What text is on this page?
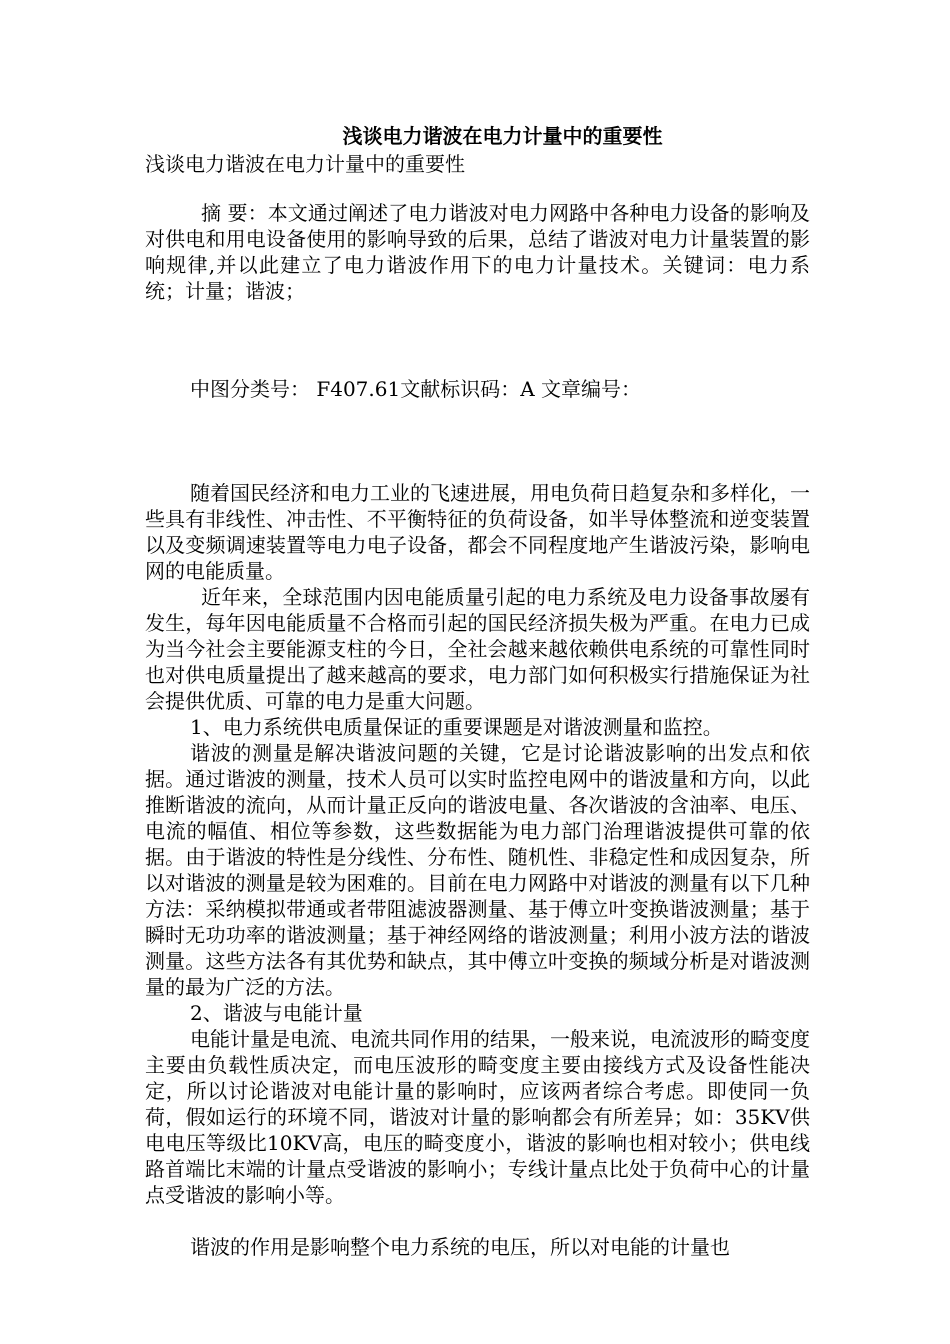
浅谈电力谐波在电力计量中的重要性

浅谈电力谐波在电力计量中的重要性

摘 要：本文通过阐述了电力谐波对电力网路中各种电力设备的影响及对供电和用电设备使用的影响导致的后果，总结了谐波对电力计量装置的影响规律,并以此建立了电力谐波作用下的电力计量技术。关键词：电力系统；计量；谐波；

中图分类号： F407.61文献标识码：A 文章编号：

随着国民经济和电力工业的飞速进展，用电负荷日趋复杂和多样化，一些具有非线性、冲击性、不平衡特征的负荷设备，如半导体整流和逆变装置以及变频调速装置等电力电子设备，都会不同程度地产生谐波污染，影响电网的电能质量。

近年来，全球范围内因电能质量引起的电力系统及电力设备事故屡有发生，每年因电能质量不合格而引起的国民经济损失极为严重。在电力已成为当今社会主要能源支柱的今日，全社会越来越依赖供电系统的可靠性同时也对供电质量提出了越来越高的要求，电力部门如何积极实行措施保证为社会提供优质、可靠的电力是重大问题。

1、电力系统供电质量保证的重要课题是对谐波测量和监控。

谐波的测量是解决谐波问题的关键，它是讨论谐波影响的出发点和依据。通过谐波的测量，技术人员可以实时监控电网中的谐波量和方向，以此推断谐波的流向，从而计量正反向的谐波电量、各次谐波的含油率、电压、电流的幅值、相位等参数，这些数据能为电力部门治理谐波提供可靠的依据。由于谐波的特性是分线性、分布性、随机性、非稳定性和成因复杂，所以对谐波的测量是较为困难的。目前在电力网路中对谐波的测量有以下几种方法：采纳模拟带通或者带阻滤波器测量、基于傅立叶变换谐波测量；基于瞬时无功功率的谐波测量；基于神经网络的谐波测量；利用小波方法的谐波测量。这些方法各有其优势和缺点，其中傅立叶变换的频域分析是对谐波测量的最为广泛的方法。

2、谐波与电能计量

电能计量是电流、电流共同作用的结果，一般来说，电流波形的畸变度主要由负载性质决定，而电压波形的畸变度主要由接线方式及设备性能决定，所以讨论谐波对电能计量的影响时，应该两者综合考虑。即使同一负荷，假如运行的环境不同，谐波对计量的影响都会有所差异；如：35KV供电电压等级比10KV高，电压的畸变度小，谐波的影响也相对较小；供电线路首端比末端的计量点受谐波的影响小；专线计量点比处于负荷中心的计量点受谐波的影响小等。

谐波的作用是影响整个电力系统的电压，所以对电能的计量也
